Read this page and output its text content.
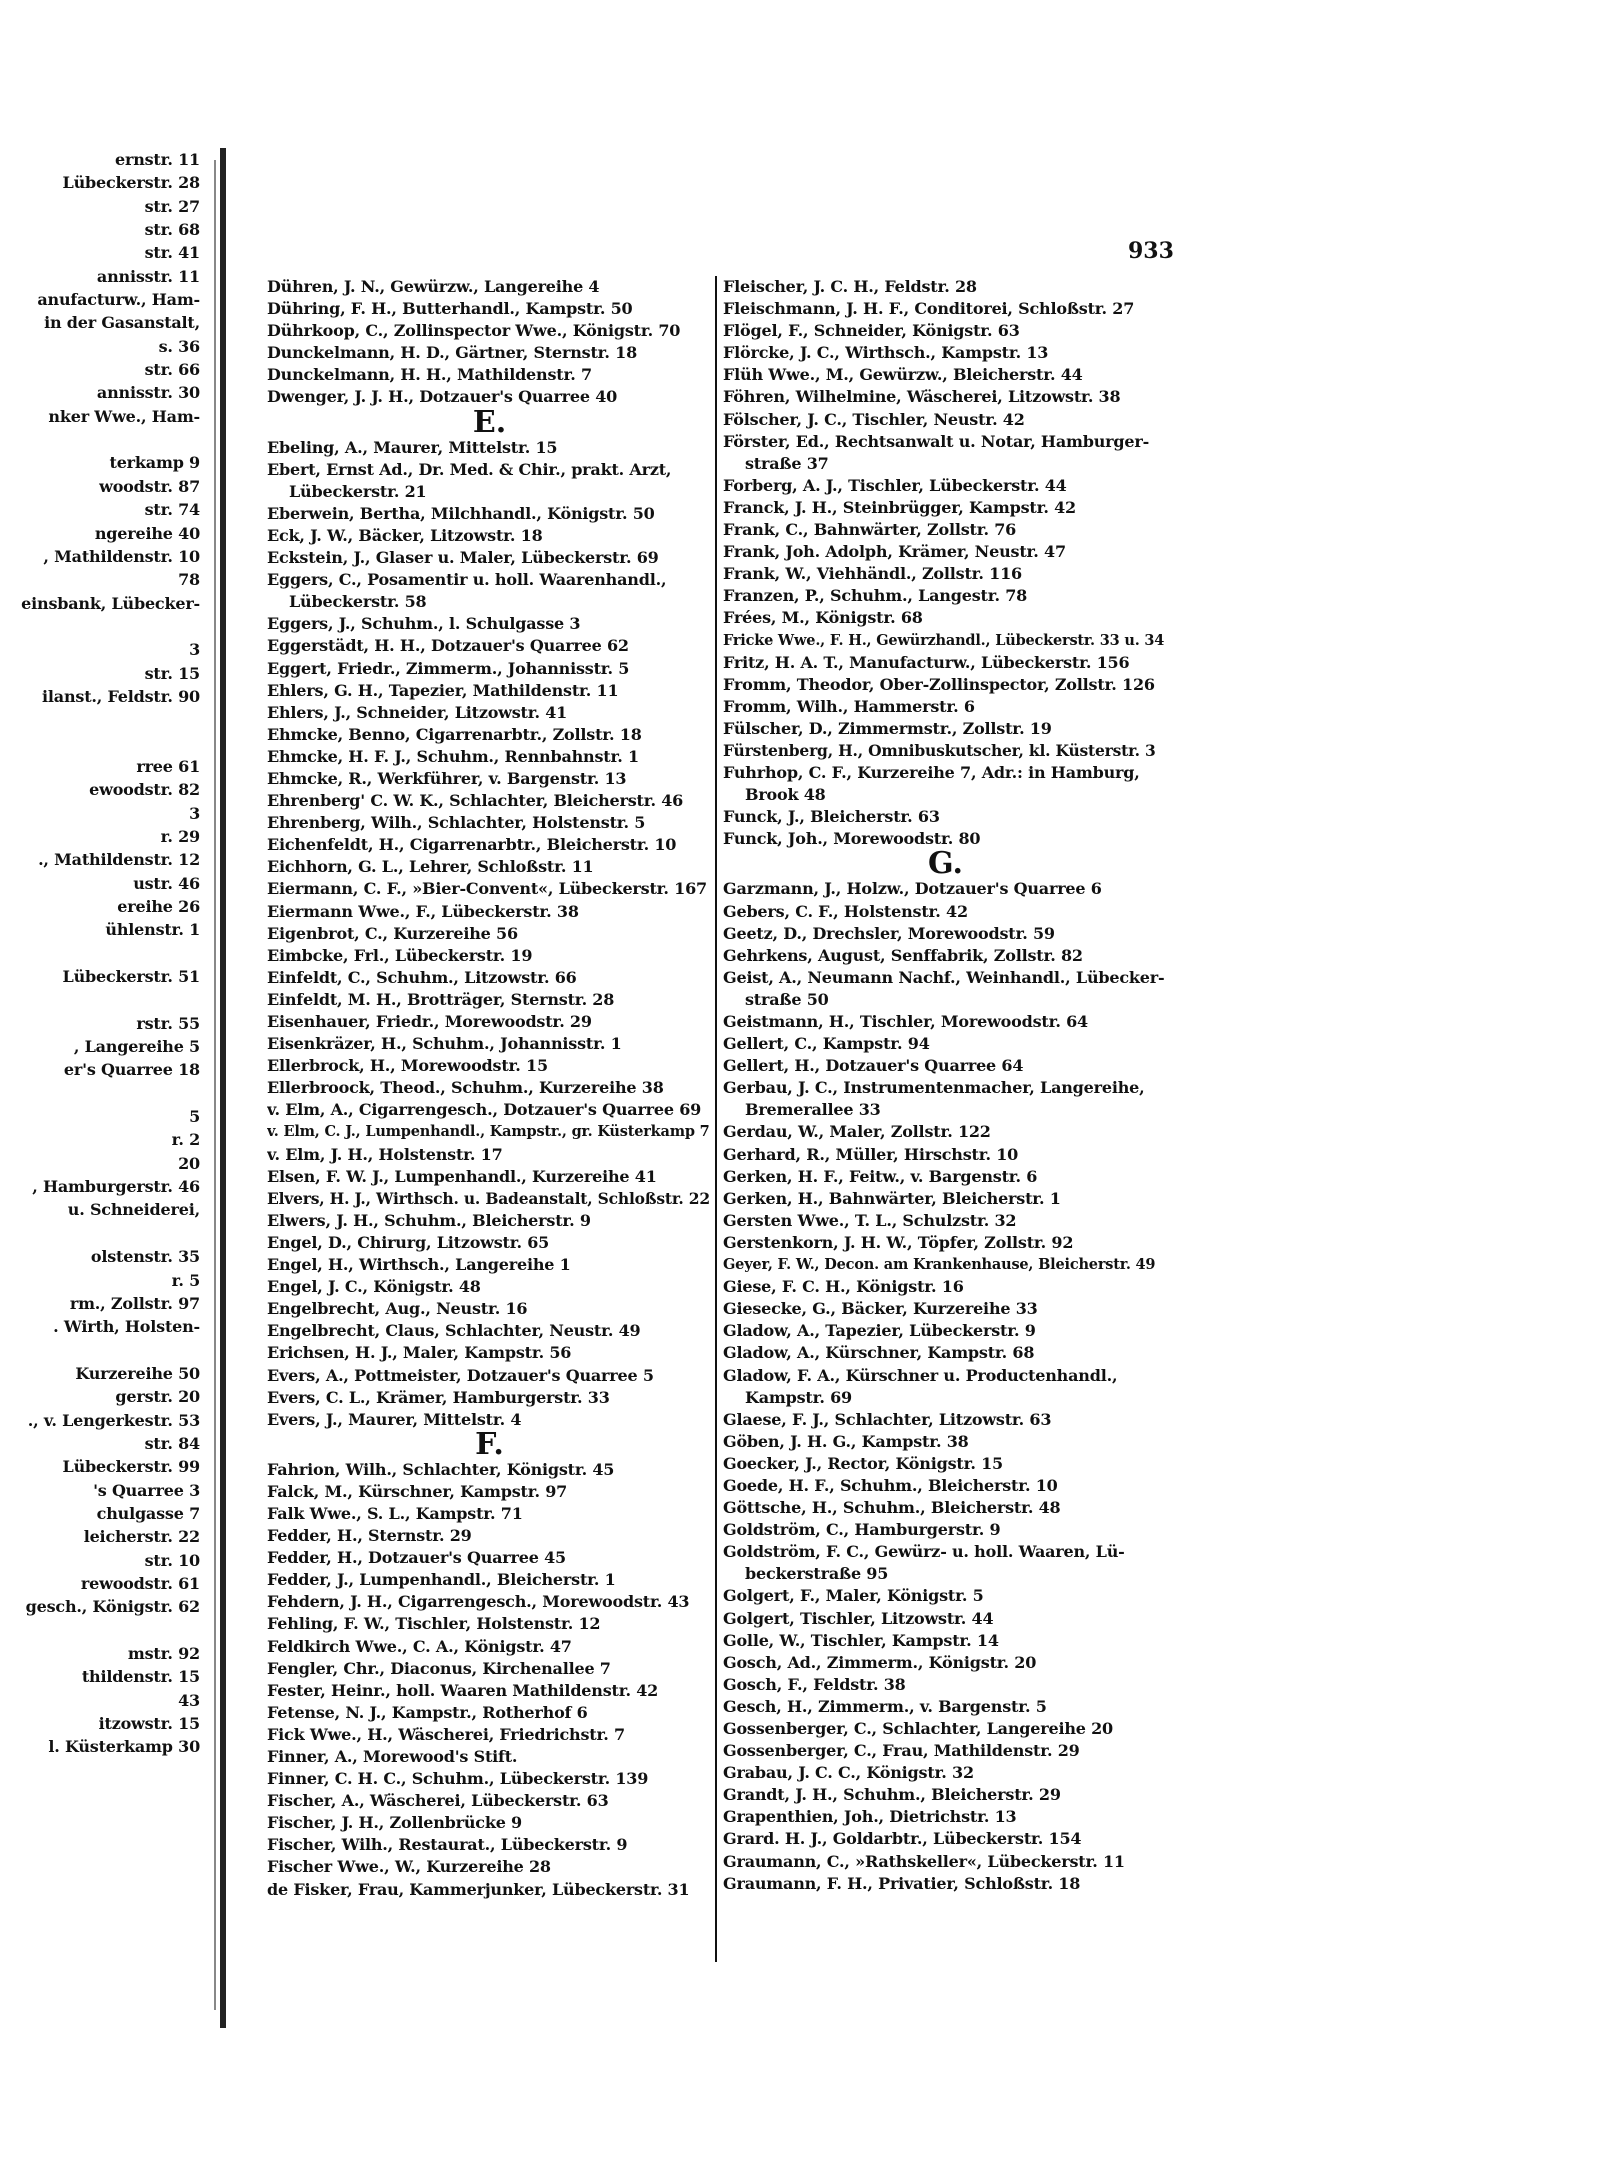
ernstr. 11
Lübeckerstr. 28
str. 27
str. 68
str. 41
annisstr. 11
anufacturw., Ham-
in der Gasanstalt,
s. 36
str. 66
annisstr. 30
nker Wwe., Ham-
terkamp 9
woodstr. 87
str. 74
ngereihe 40
, Mathildenstr. 10
78
einsbank, Lübecker-
3
str. 15
ilanst., Feldstr. 90
rree 61
ewoodstr. 82
3
r. 29
., Mathildenstr. 12
ustr. 46
ereihe 26
ühlenstr. 1
Lübeckerstr. 51
rstr. 55
, Langereihe 5
er's Quarree 18
5
r. 2
20
, Hamburgerstr. 46
u. Schneiderei,
olstenstr. 35
r. 5
rm., Zollstr. 97
. Wirth, Holsten-
Kurzereihe 50
gerstr. 20
., v. Lengerkestr. 53
str. 84
Lübeckerstr. 99
's Quarree 3
chulgasse 7
leicherstr. 22
str. 10
rewoodstr. 61
gesch., Königstr. 62
mstr. 92
thildenstr. 15
43
itzowstr. 15
l. Küsterkamp 30
933
Dühren, J. N., Gewürzw., Langereihe 4
Dühring, F. H., Butterhandl., Kampstr. 50
Dührkoop, C., Zollinspector Wwe., Königstr. 70
Dunckelmann, H. D., Gärtner, Sternstr. 18
Dunckelmann, H. H., Mathildenstr. 7
Dwenger, J. J. H., Dotzauer's Quarree 40
E.
Ebeling, A., Maurer, Mittelstr. 15
Ebert, Ernst Ad., Dr. Med. & Chir., prakt. Arzt,
Lübeckerstr. 21
Eberwein, Bertha, Milchhandl., Königstr. 50
Eck, J. W., Bäcker, Litzowstr. 18
Eckstein, J., Glaser u. Maler, Lübeckerstr. 69
Eggers, C., Posamentir u. holl. Waarenhandl.,
Lübeckerstr. 58
Eggers, J., Schuhm., l. Schulgasse 3
Eggerstädt, H. H., Dotzauer's Quarree 62
Eggert, Friedr., Zimmerm., Johannisstr. 5
Ehlers, G. H., Tapezier, Mathildenstr. 11
Ehlers, J., Schneider, Litzowstr. 41
Ehmcke, Benno, Cigarrenarbtr., Zollstr. 18
Ehmcke, H. F. J., Schuhm., Rennbahnstr. 1
Ehmcke, R., Werkführer, v. Bargenstr. 13
Ehrenberg' C. W. K., Schlachter, Bleicherstr. 46
Ehrenberg, Wilh., Schlachter, Holstenstr. 5
Eichenfeldt, H., Cigarrenarbtr., Bleicherstr. 10
Eichhorn, G. L., Lehrer, Schloßstr. 11
Eiermann, C. F., »Bier-Convent«, Lübeckerstr. 167
Eiermann Wwe., F., Lübeckerstr. 38
Eigenbrot, C., Kurzereihe 56
Eimbcke, Frl., Lübeckerstr. 19
Einfeldt, C., Schuhm., Litzowstr. 66
Einfeldt, M. H., Brotträger, Sternstr. 28
Eisenhauer, Friedr., Morewoodstr. 29
Eisenkräzer, H., Schuhm., Johannisstr. 1
Ellerbrock, H., Morewoodstr. 15
Ellerbroock, Theod., Schuhm., Kurzereihe 38
v. Elm, A., Cigarrengesch., Dotzauer's Quarree 69
v. Elm, C. J., Lumpenhandl., Kampstr., gr. Küsterkamp 7
v. Elm, J. H., Holstenstr. 17
Elsen, F. W. J., Lumpenhandl., Kurzereihe 41
Elvers, H. J., Wirthsch. u. Badeanstalt, Schloßstr. 22
Elwers, J. H., Schuhm., Bleicherstr. 9
Engel, D., Chirurg, Litzowstr. 65
Engel, H., Wirthsch., Langereihe 1
Engel, J. C., Königstr. 48
Engelbrecht, Aug., Neustr. 16
Engelbrecht, Claus, Schlachter, Neustr. 49
Erichsen, H. J., Maler, Kampstr. 56
Evers, A., Pottmeister, Dotzauer's Quarree 5
Evers, C. L., Krämer, Hamburgerstr. 33
Evers, J., Maurer, Mittelstr. 4
F.
Fahrion, Wilh., Schlachter, Königstr. 45
Falck, M., Kürschner, Kampstr. 97
Falk Wwe., S. L., Kampstr. 71
Fedder, H., Sternstr. 29
Fedder, H., Dotzauer's Quarree 45
Fedder, J., Lumpenhandl., Bleicherstr. 1
Fehdern, J. H., Cigarrengesch., Morewoodstr. 43
Fehling, F. W., Tischler, Holstenstr. 12
Feldkirch Wwe., C. A., Königstr. 47
Fengler, Chr., Diaconus, Kirchenallee 7
Fester, Heinr., holl. Waaren Mathildenstr. 42
Fetense, N. J., Kampstr., Rotherhof 6
Fick Wwe., H., Wäscherei, Friedrichstr. 7
Finner, A., Morewood's Stift.
Finner, C. H. C., Schuhm., Lübeckerstr. 139
Fischer, A., Wäscherei, Lübeckerstr. 63
Fischer, J. H., Zollenbrücke 9
Fischer, Wilh., Restaurat., Lübeckerstr. 9
Fischer Wwe., W., Kurzereihe 28
de Fisker, Frau, Kammerjunker, Lübeckerstr. 31
Fleischer, J. C. H., Feldstr. 28
Fleischmann, J. H. F., Conditorei, Schloßstr. 27
Flögel, F., Schneider, Königstr. 63
Flörcke, J. C., Wirthsch., Kampstr. 13
Flüh Wwe., M., Gewürzw., Bleicherstr. 44
Föhren, Wilhelmine, Wäscherei, Litzowstr. 38
Fölscher, J. C., Tischler, Neustr. 42
Förster, Ed., Rechtsanwalt u. Notar, Hamburger-
straße 37
Forberg, A. J., Tischler, Lübeckerstr. 44
Franck, J. H., Steinbrügger, Kampstr. 42
Frank, C., Bahnwärter, Zollstr. 76
Frank, Joh. Adolph, Krämer, Neustr. 47
Frank, W., Viehhändl., Zollstr. 116
Franzen, P., Schuhm., Langestr. 78
Frées, M., Königstr. 68
Fricke Wwe., F. H., Gewürzhandl., Lübeckerstr. 33 u. 34
Fritz, H. A. T., Manufacturw., Lübeckerstr. 156
Fromm, Theodor, Ober-Zollinspector, Zollstr. 126
Fromm, Wilh., Hammerstr. 6
Fülscher, D., Zimmermstr., Zollstr. 19
Fürstenberg, H., Omnibuskutscher, kl. Küsterstr. 3
Fuhrhop, C. F., Kurzereihe 7, Adr.: in Hamburg,
Brook 48
Funck, J., Bleicherstr. 63
Funck, Joh., Morewoodstr. 80
G.
Garzmann, J., Holzw., Dotzauer's Quarree 6
Gebers, C. F., Holstenstr. 42
Geetz, D., Drechsler, Morewoodstr. 59
Gehrkens, August, Senffabrik, Zollstr. 82
Geist, A., Neumann Nachf., Weinhandl., Lübecker-
straße 50
Geistmann, H., Tischler, Morewoodstr. 64
Gellert, C., Kampstr. 94
Gellert, H., Dotzauer's Quarree 64
Gerbau, J. C., Instrumentenmacher, Langereihe,
Bremerallee 33
Gerdau, W., Maler, Zollstr. 122
Gerhard, R., Müller, Hirschstr. 10
Gerken, H. F., Feitw., v. Bargenstr. 6
Gerken, H., Bahnwärter, Bleicherstr. 1
Gersten Wwe., T. L., Schulzstr. 32
Gerstenkorn, J. H. W., Töpfer, Zollstr. 92
Geyer, F. W., Decon. am Krankenhause, Bleicherstr. 49
Giese, F. C. H., Königstr. 16
Giesecke, G., Bäcker, Kurzereihe 33
Gladow, A., Tapezier, Lübeckerstr. 9
Gladow, A., Kürschner, Kampstr. 68
Gladow, F. A., Kürschner u. Productenhandl.,
Kampstr. 69
Glaese, F. J., Schlachter, Litzowstr. 63
Göben, J. H. G., Kampstr. 38
Goecker, J., Rector, Königstr. 15
Goede, H. F., Schuhm., Bleicherstr. 10
Göttsche, H., Schuhm., Bleicherstr. 48
Goldström, C., Hamburgerstr. 9
Goldström, F. C., Gewürz- u. holl. Waaren, Lü-
beckerstraße 95
Golgert, F., Maler, Königstr. 5
Golgert, Tischler, Litzowstr. 44
Golle, W., Tischler, Kampstr. 14
Gosch, Ad., Zimmerm., Königstr. 20
Gosch, F., Feldstr. 38
Gesch, H., Zimmerm., v. Bargenstr. 5
Gossenberger, C., Schlachter, Langereihe 20
Gossenberger, C., Frau, Mathildenstr. 29
Grabau, J. C. C., Königstr. 32
Grandt, J. H., Schuhm., Bleicherstr. 29
Grapenthien, Joh., Dietrichstr. 13
Grard. H. J., Goldarbtr., Lübeckerstr. 154
Graumann, C., »Rathskeller«, Lübeckerstr. 11
Graumann, F. H., Privatier, Schloßstr. 18
